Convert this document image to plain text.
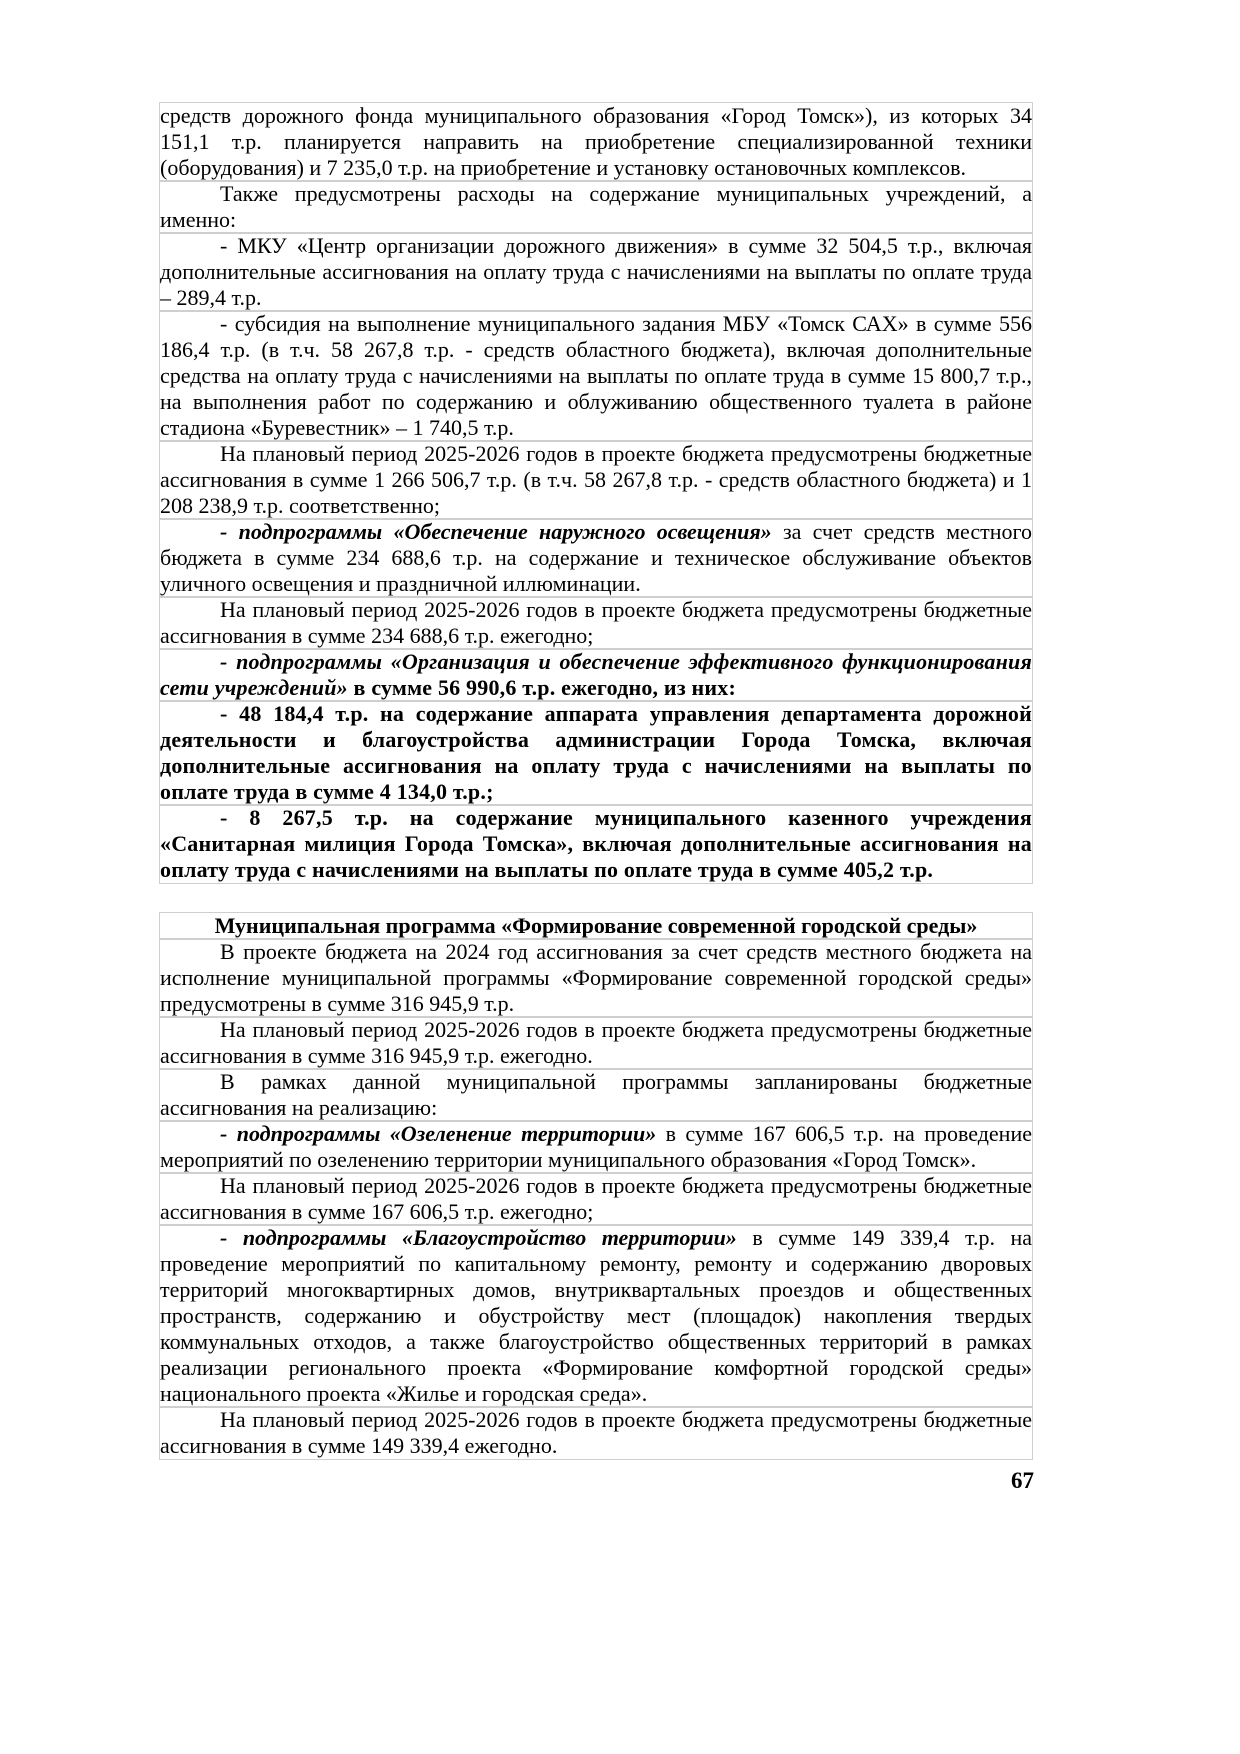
средств дорожного фонда муниципального образования «Город Томск»), из которых 34 151,1 т.р. планируется направить на приобретение специализированной техники (оборудования) и 7 235,0 т.р. на приобретение и установку остановочных комплексов.

Также предусмотрены расходы на содержание муниципальных учреждений, а именно:

- МКУ «Центр организации дорожного движения» в сумме 32 504,5 т.р., включая дополнительные ассигнования на оплату труда с начислениями на выплаты по оплате труда – 289,4 т.р.

- субсидия на выполнение муниципального задания МБУ «Томск САХ» в сумме 556 186,4 т.р. (в т.ч. 58 267,8 т.р. - средств областного бюджета), включая дополнительные средства на оплату труда с начислениями на выплаты по оплате труда в сумме 15 800,7 т.р., на выполнения работ по содержанию и облуживанию общественного туалета в районе стадиона «Буревестник» – 1 740,5 т.р.

На плановый период 2025-2026 годов в проекте бюджета предусмотрены бюджетные ассигнования в сумме 1 266 506,7 т.р. (в т.ч. 58 267,8 т.р. - средств областного бюджета) и 1 208 238,9 т.р. соответственно;

- подпрограммы «Обеспечение наружного освещения» за счет средств местного бюджета в сумме 234 688,6 т.р. на содержание и техническое обслуживание объектов уличного освещения и праздничной иллюминации.

На плановый период 2025-2026 годов в проекте бюджета предусмотрены бюджетные ассигнования в сумме 234 688,6 т.р. ежегодно;

- подпрограммы «Организация и обеспечение эффективного функционирования сети учреждений» в сумме 56 990,6 т.р. ежегодно, из них:

- 48 184,4 т.р. на содержание аппарата управления департамента дорожной деятельности и благоустройства администрации Города Томска, включая дополнительные ассигнования на оплату труда с начислениями на выплаты по оплате труда в сумме 4 134,0 т.р.;

- 8 267,5 т.р. на содержание муниципального казенного учреждения «Санитарная милиция Города Томска», включая дополнительные ассигнования на оплату труда с начислениями на выплаты по оплате труда в сумме 405,2 т.р.

Муниципальная программа «Формирование современной городской среды»

В проекте бюджета на 2024 год ассигнования за счет средств местного бюджета на исполнение муниципальной программы «Формирование современной городской среды» предусмотрены в сумме 316 945,9 т.р.

На плановый период 2025-2026 годов в проекте бюджета предусмотрены бюджетные ассигнования в сумме 316 945,9 т.р. ежегодно.

В рамках данной муниципальной программы запланированы бюджетные ассигнования на реализацию:

- подпрограммы «Озеленение территории» в сумме 167 606,5 т.р. на проведение мероприятий по озеленению территории муниципального образования «Город Томск».

На плановый период 2025-2026 годов в проекте бюджета предусмотрены бюджетные ассигнования в сумме 167 606,5 т.р. ежегодно;

- подпрограммы «Благоустройство территории» в сумме 149 339,4 т.р. на проведение мероприятий по капитальному ремонту, ремонту и содержанию дворовых территорий многоквартирных домов, внутриквартальных проездов и общественных пространств, содержанию и обустройству мест (площадок) накопления твердых коммунальных отходов, а также благоустройство общественных территорий в рамках реализации регионального проекта «Формирование комфортной городской среды» национального проекта «Жилье и городская среда».

На плановый период 2025-2026 годов в проекте бюджета предусмотрены бюджетные ассигнования в сумме 149 339,4 ежегодно.

67
